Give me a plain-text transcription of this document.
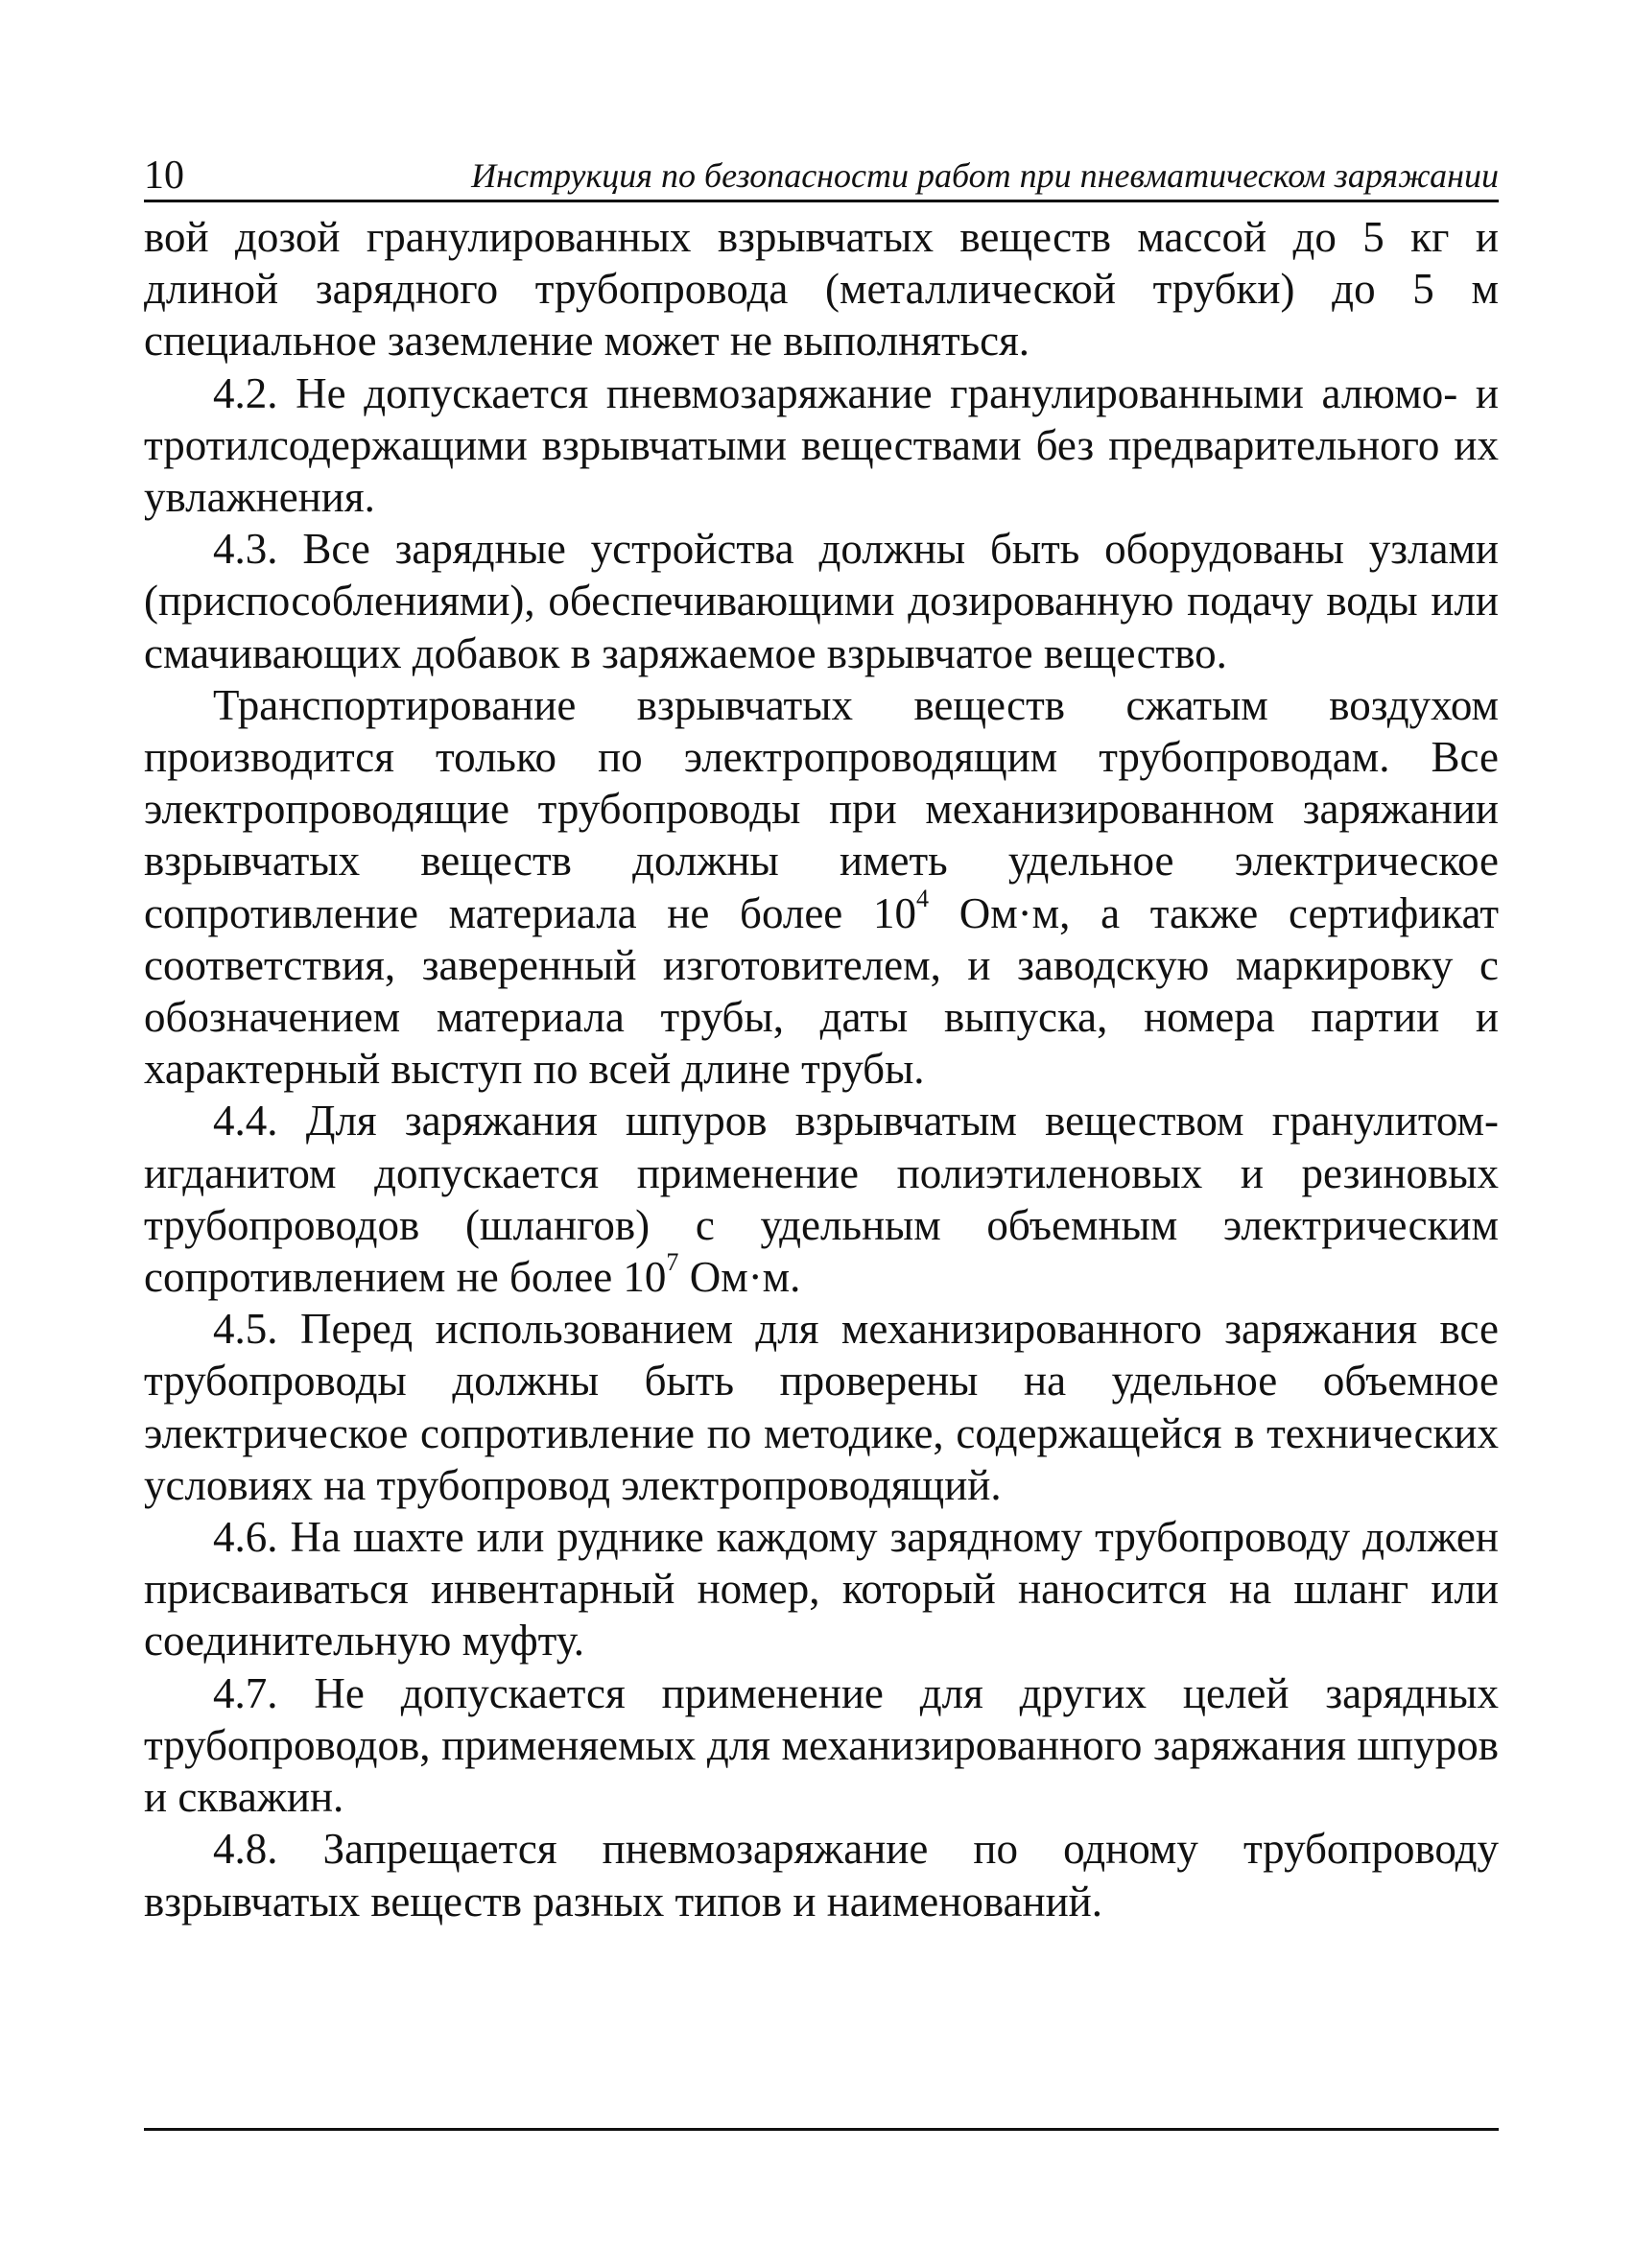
10	Инструкция по безопасности работ при пневматическом заряжании

вой дозой гранулированных взрывчатых веществ массой до 5 кг и длиной зарядного трубопровода (металлической трубки) до 5 м специальное заземление может не выполняться.

4.2. Не допускается пневмозаряжание гранулированными алюмо- и тротилсодержащими взрывчатыми веществами без предварительного их увлажнения.

4.3. Все зарядные устройства должны быть оборудованы узлами (приспособлениями), обеспечивающими дозированную подачу воды или смачивающих добавок в заряжаемое взрывчатое вещество.

Транспортирование взрывчатых веществ сжатым воздухом производится только по электропроводящим трубопроводам. Все электропроводящие трубопроводы при механизированном заряжании взрывчатых веществ должны иметь удельное электрическое сопротивление материала не более $10^4$ Ом·м, а также сертификат соответствия, заверенный изготовителем, и заводскую маркировку с обозначением материала трубы, даты выпуска, номера партии и характерный выступ по всей длине трубы.

4.4. Для заряжания шпуров взрывчатым веществом гранулитом-игданитом допускается применение полиэтиленовых и резиновых трубопроводов (шлангов) с удельным объемным электрическим сопротивлением не более $10^7$ Ом·м.

4.5. Перед использованием для механизированного заряжания все трубопроводы должны быть проверены на удельное объемное электрическое сопротивление по методике, содержащейся в технических условиях на трубопровод электропроводящий.

4.6. На шахте или руднике каждому зарядному трубопроводу должен присваиваться инвентарный номер, который наносится на шланг или соединительную муфту.

4.7. Не допускается применение для других целей зарядных трубопроводов, применяемых для механизированного заряжания шпуров и скважин.

4.8. Запрещается пневмозаряжание по одному трубопроводу взрывчатых веществ разных типов и наименований.
